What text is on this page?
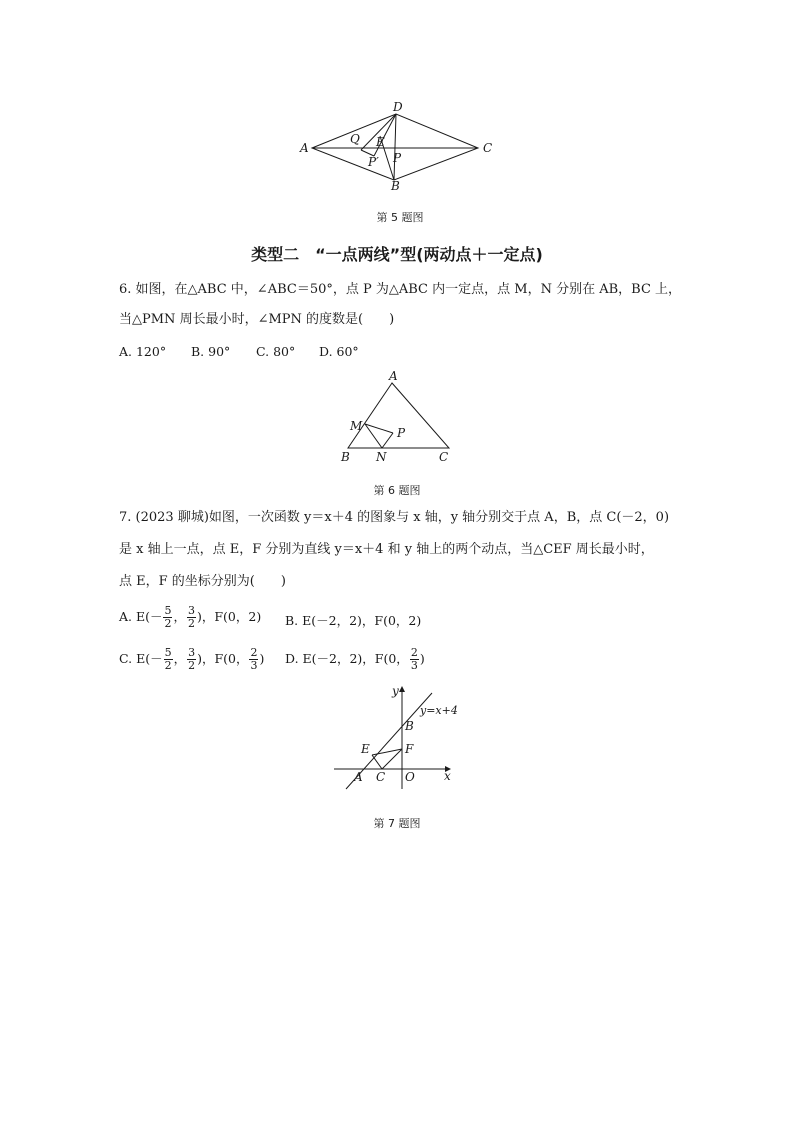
A
D
C
B
Q E
P
P′
第 5 题图
类型二　“一点两线”型(两动点＋一定点)
6. 如图，在△ABC 中，∠ABC＝50°，点 P 为△ABC 内一定点，点 M，N 分别在 AB，BC 上，
当△PMN 周长最小时，∠MPN 的度数是(　　)
A. 120° B. 90° C. 80° D. 60°
A
B	C
M
N
P
第 6 题图
7. (2023 聊城)如图，一次函数 y＝x＋4 的图象与 x 轴，y 轴分别交于点 A，B，点 C(－2，0)
是 x 轴上一点，点 E，F 分别为直线 y＝x＋4 和 y 轴上的两个动点，当△CEF 周长最小时，
点 E，F 的坐标分别为(　　)
A. $E(- \frac{5}{2}$ ， $\frac{3}{2}$ )，F(0，2) B. E(－2，2)，F(0，2)
C. $E(- \frac{5}{2}$ ， $\frac{3}{2}$ )，F(0， $\frac{2}{3}$ ) D. E(－2，2)，F(0， $\frac{2}{3}$ )
y
x
y=x+4
B
E	F
A C O
第 7 题图
